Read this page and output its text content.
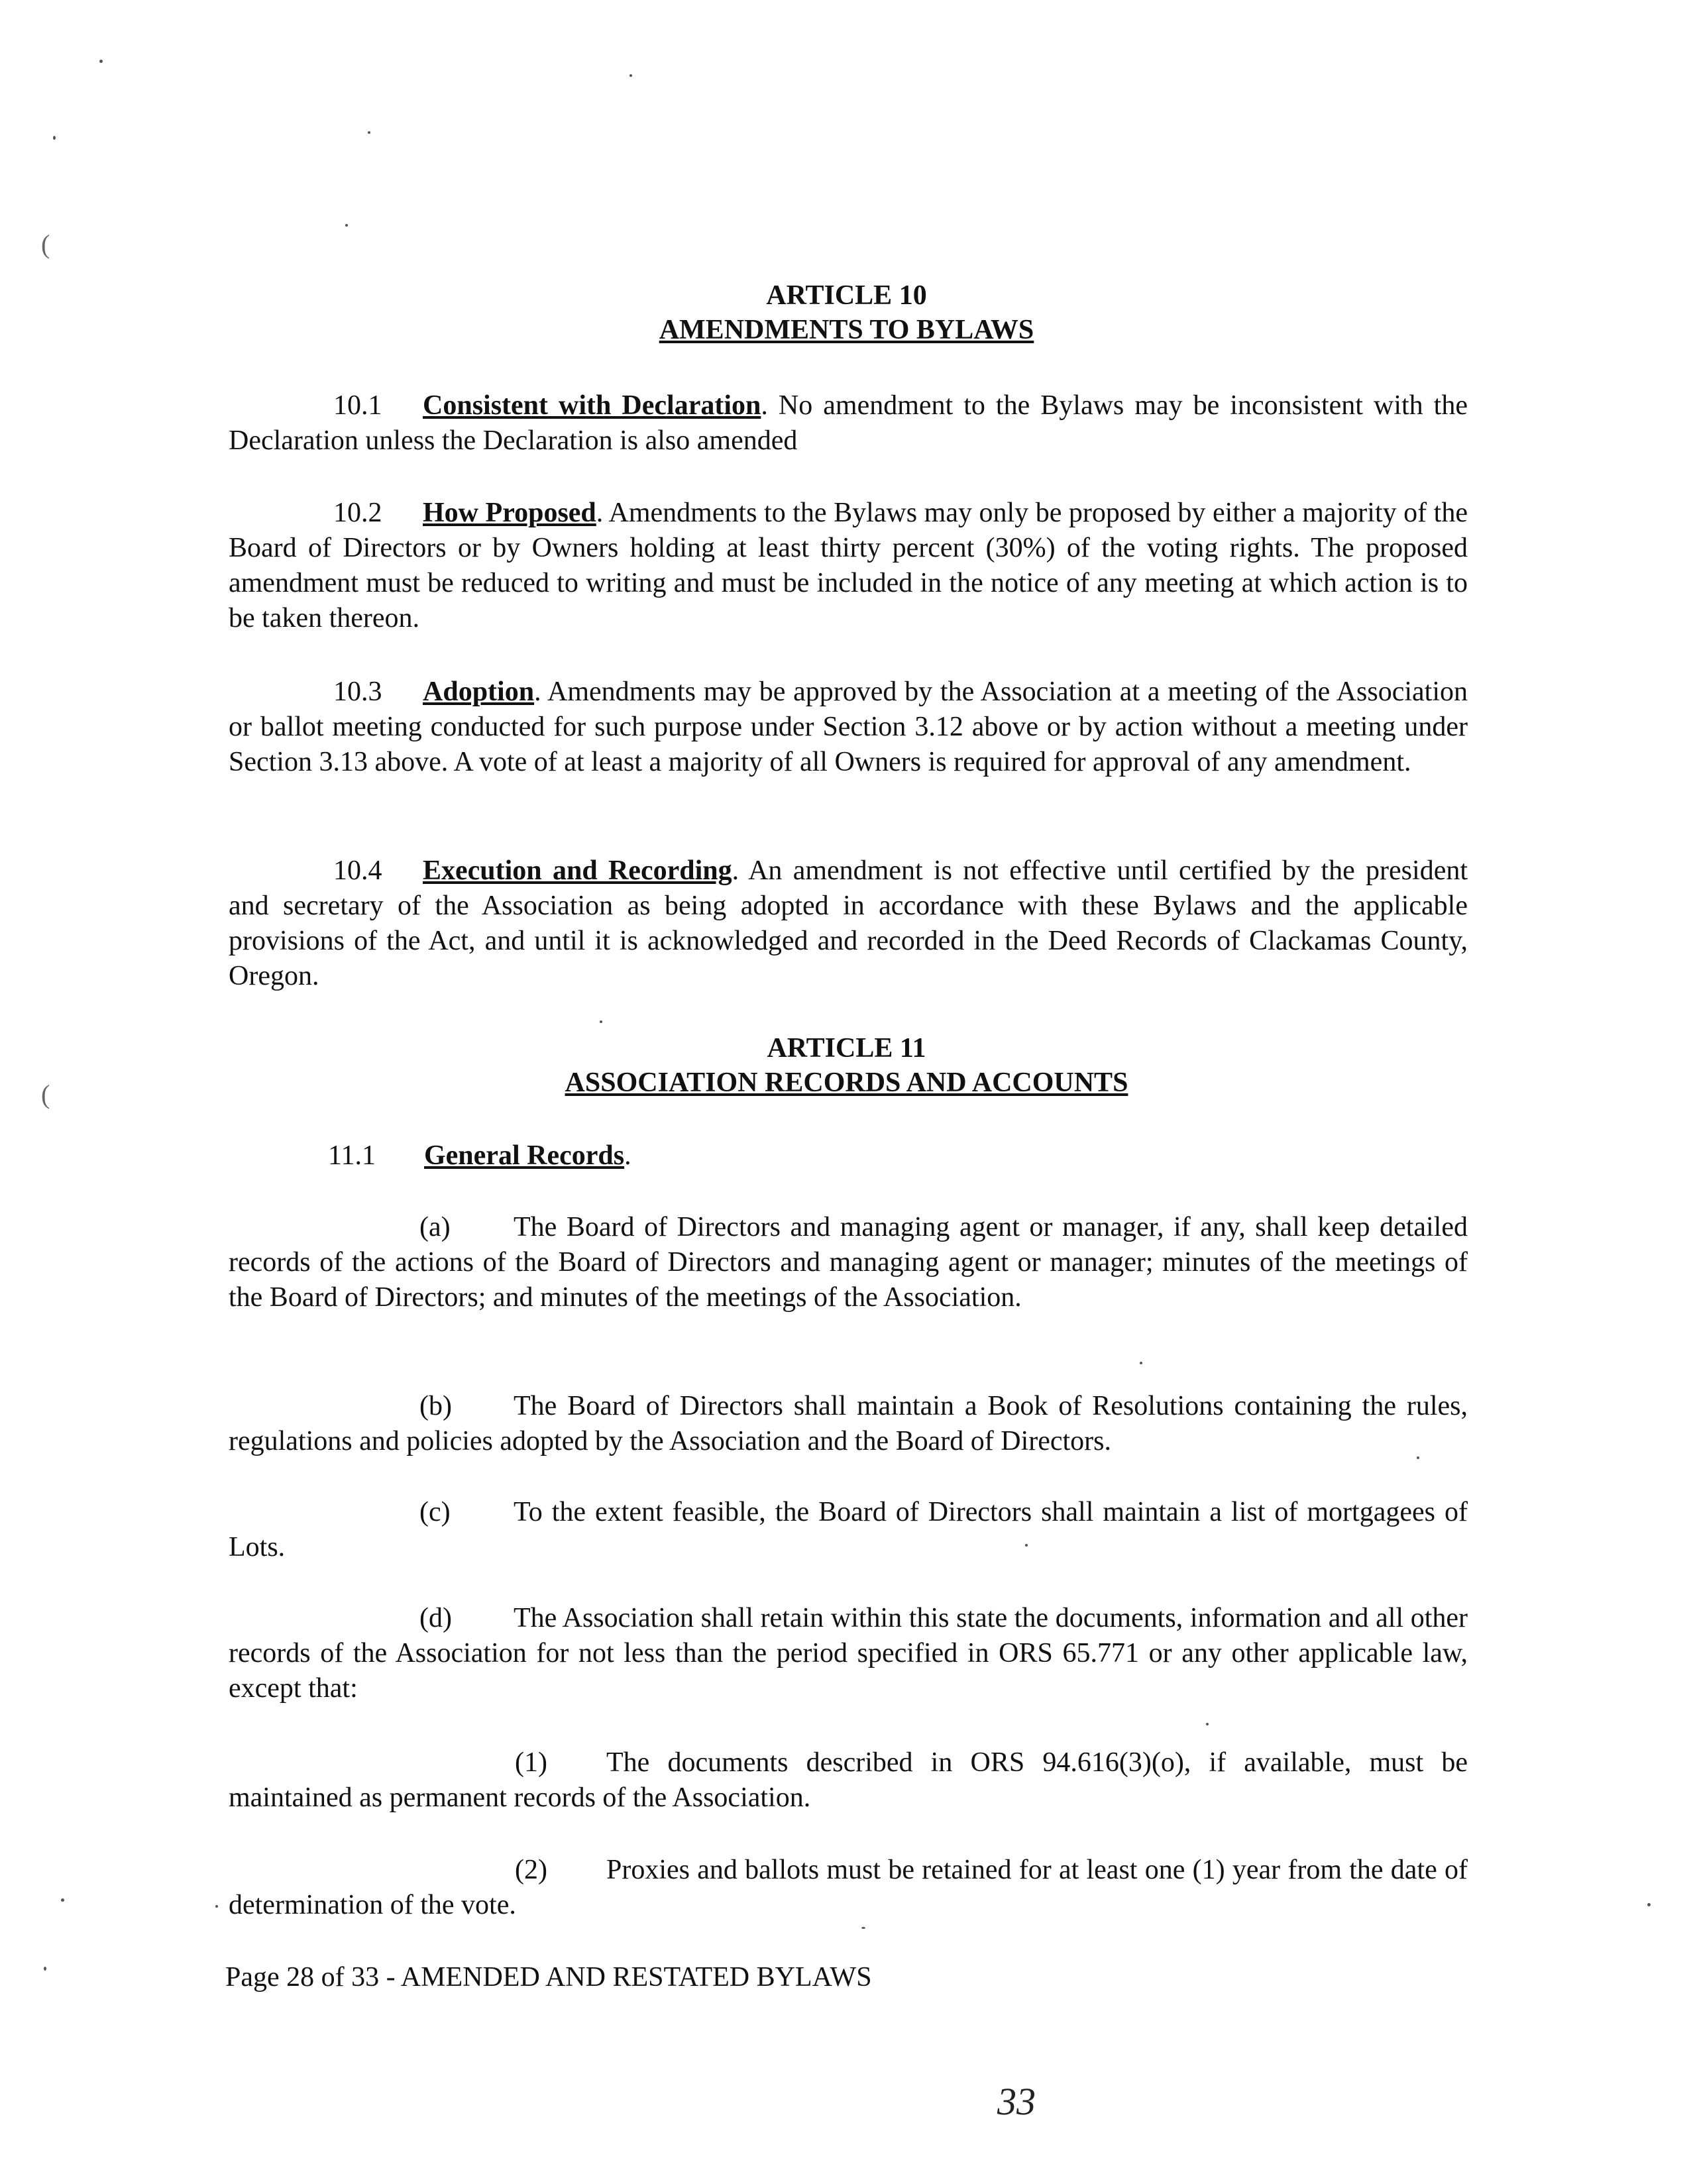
ARTICLE 10
AMENDMENTS TO BYLAWS

10.1 Consistent with Declaration. No amendment to the Bylaws may be inconsistent with the Declaration unless the Declaration is also amended

10.2 How Proposed. Amendments to the Bylaws may only be proposed by either a majority of the Board of Directors or by Owners holding at least thirty percent (30%) of the voting rights. The proposed amendment must be reduced to writing and must be included in the notice of any meeting at which action is to be taken thereon.

10.3 Adoption. Amendments may be approved by the Association at a meeting of the Association or ballot meeting conducted for such purpose under Section 3.12 above or by action without a meeting under Section 3.13 above. A vote of at least a majority of all Owners is required for approval of any amendment.

10.4 Execution and Recording. An amendment is not effective until certified by the president and secretary of the Association as being adopted in accordance with these Bylaws and the applicable provisions of the Act, and until it is acknowledged and recorded in the Deed Records of Clackamas County, Oregon.

ARTICLE 11
ASSOCIATION RECORDS AND ACCOUNTS

11.1 General Records.

(a) The Board of Directors and managing agent or manager, if any, shall keep detailed records of the actions of the Board of Directors and managing agent or manager; minutes of the meetings of the Board of Directors; and minutes of the meetings of the Association.

(b) The Board of Directors shall maintain a Book of Resolutions containing the rules, regulations and policies adopted by the Association and the Board of Directors.

(c) To the extent feasible, the Board of Directors shall maintain a list of mortgagees of Lots.

(d) The Association shall retain within this state the documents, information and all other records of the Association for not less than the period specified in ORS 65.771 or any other applicable law, except that:

(1) The documents described in ORS 94.616(3)(o), if available, must be maintained as permanent records of the Association.

(2) Proxies and ballots must be retained for at least one (1) year from the date of determination of the vote.

Page 28 of 33 - AMENDED AND RESTATED BYLAWS
33
(
(
